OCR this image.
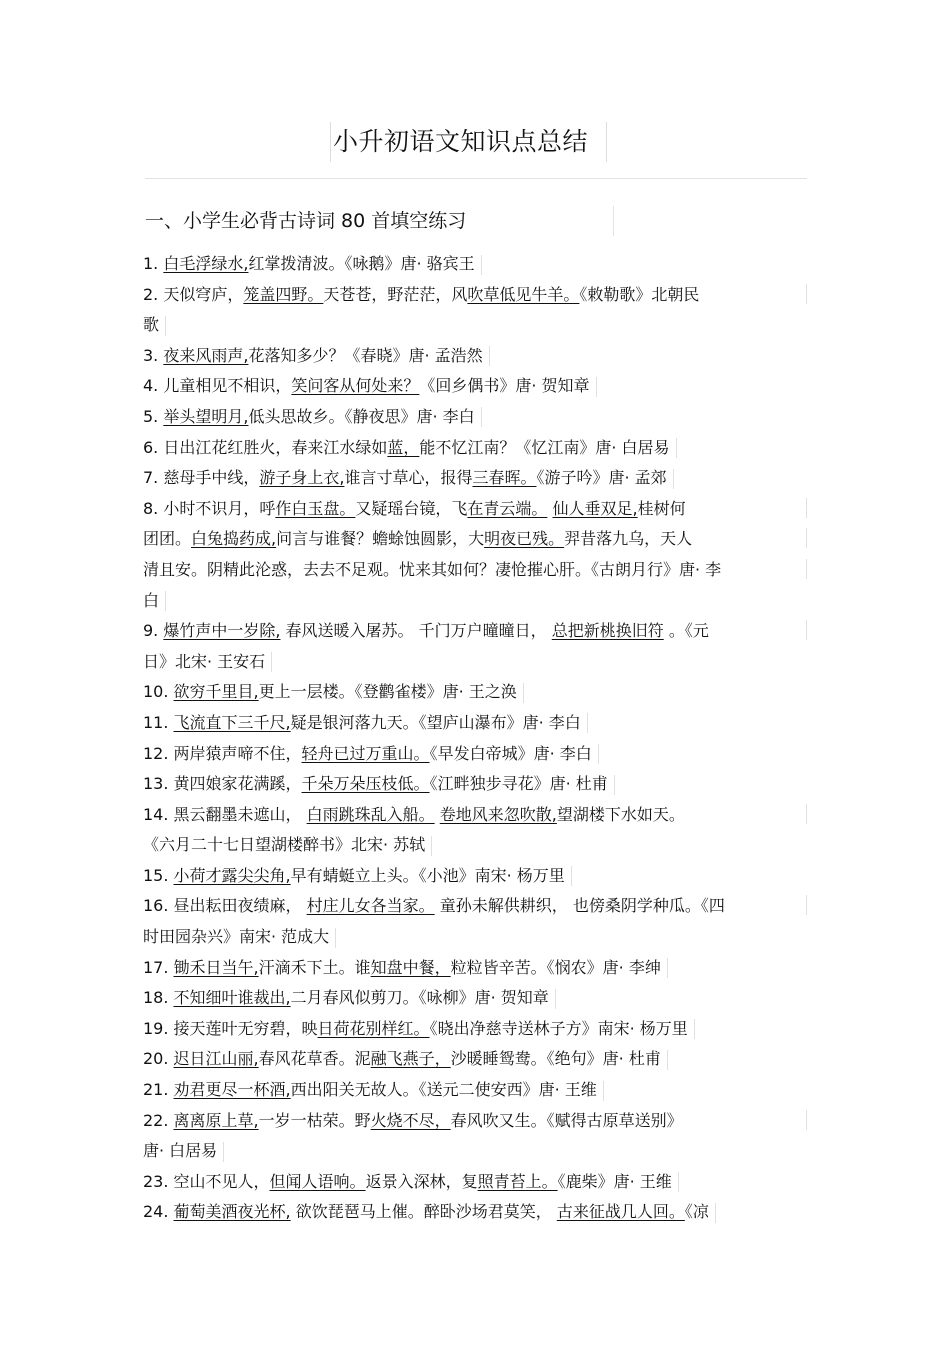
小升初语文知识点总结
一、小学生必背古诗词 80 首填空练习
1. 白毛浮绿水,红掌拨清波。《咏鹅》唐· 骆宾王
2. 天似穹庐，笼盖四野。天苍苍，野茫茫，风吹草低见牛羊。《敕勒歌》北朝民
歌
3. 夜来风雨声,花落知多少？《春晓》唐· 孟浩然
4. 儿童相见不相识，笑问客从何处来？《回乡偶书》唐· 贺知章
5. 举头望明月,低头思故乡。《静夜思》唐· 李白
6. 日出江花红胜火，春来江水绿如蓝，能不忆江南？《忆江南》唐· 白居易
7. 慈母手中线，游子身上衣,谁言寸草心，报得三春晖。《游子吟》唐· 孟郊
8. 小时不识月，呼作白玉盘。又疑瑶台镜，飞在青云端。 仙人垂双足,桂树何
团团。白兔捣药成,问言与谁餐？蟾蜍蚀圆影，大明夜已残。羿昔落九乌，天人
清且安。阴精此沦惑，去去不足观。忧来其如何？凄怆摧心肝。《古朗月行》唐· 李
白
9. 爆竹声中一岁除, 春风送暖入屠苏。 千门万户曈曈日， 总把新桃换旧符 。《元
日》北宋· 王安石
10. 欲穷千里目,更上一层楼。《登鹳雀楼》唐· 王之涣
11. 飞流直下三千尺,疑是银河落九天。《望庐山瀑布》唐· 李白
12. 两岸猿声啼不住，轻舟已过万重山。《早发白帝城》唐· 李白
13. 黄四娘家花满蹊，千朵万朵压枝低。《江畔独步寻花》唐· 杜甫
14. 黑云翻墨未遮山， 白雨跳珠乱入船。 卷地风来忽吹散,望湖楼下水如天。
《六月二十七日望湖楼醉书》北宋· 苏轼
15. 小荷才露尖尖角,早有蜻蜓立上头。《小池》南宋· 杨万里
16. 昼出耘田夜绩麻， 村庄儿女各当家。 童孙未解供耕织， 也傍桑阴学种瓜。《四
时田园杂兴》南宋· 范成大
17. 锄禾日当午,汗滴禾下土。谁知盘中餐，粒粒皆辛苦。《悯农》唐· 李绅
18. 不知细叶谁裁出,二月春风似剪刀。《咏柳》唐· 贺知章
19. 接天莲叶无穷碧，映日荷花别样红。《晓出净慈寺送林子方》南宋· 杨万里
20. 迟日江山丽,春风花草香。泥融飞燕子，沙暖睡鸳鸯。《绝句》唐· 杜甫
21. 劝君更尽一杯酒,西出阳关无故人。《送元二使安西》唐· 王维
22. 离离原上草,一岁一枯荣。野火烧不尽，春风吹又生。《赋得古原草送别》
唐· 白居易
23. 空山不见人，但闻人语响。返景入深林，复照青苔上。《鹿柴》唐· 王维
24. 葡萄美酒夜光杯, 欲饮琵琶马上催。醉卧沙场君莫笑， 古来征战几人回。《凉
